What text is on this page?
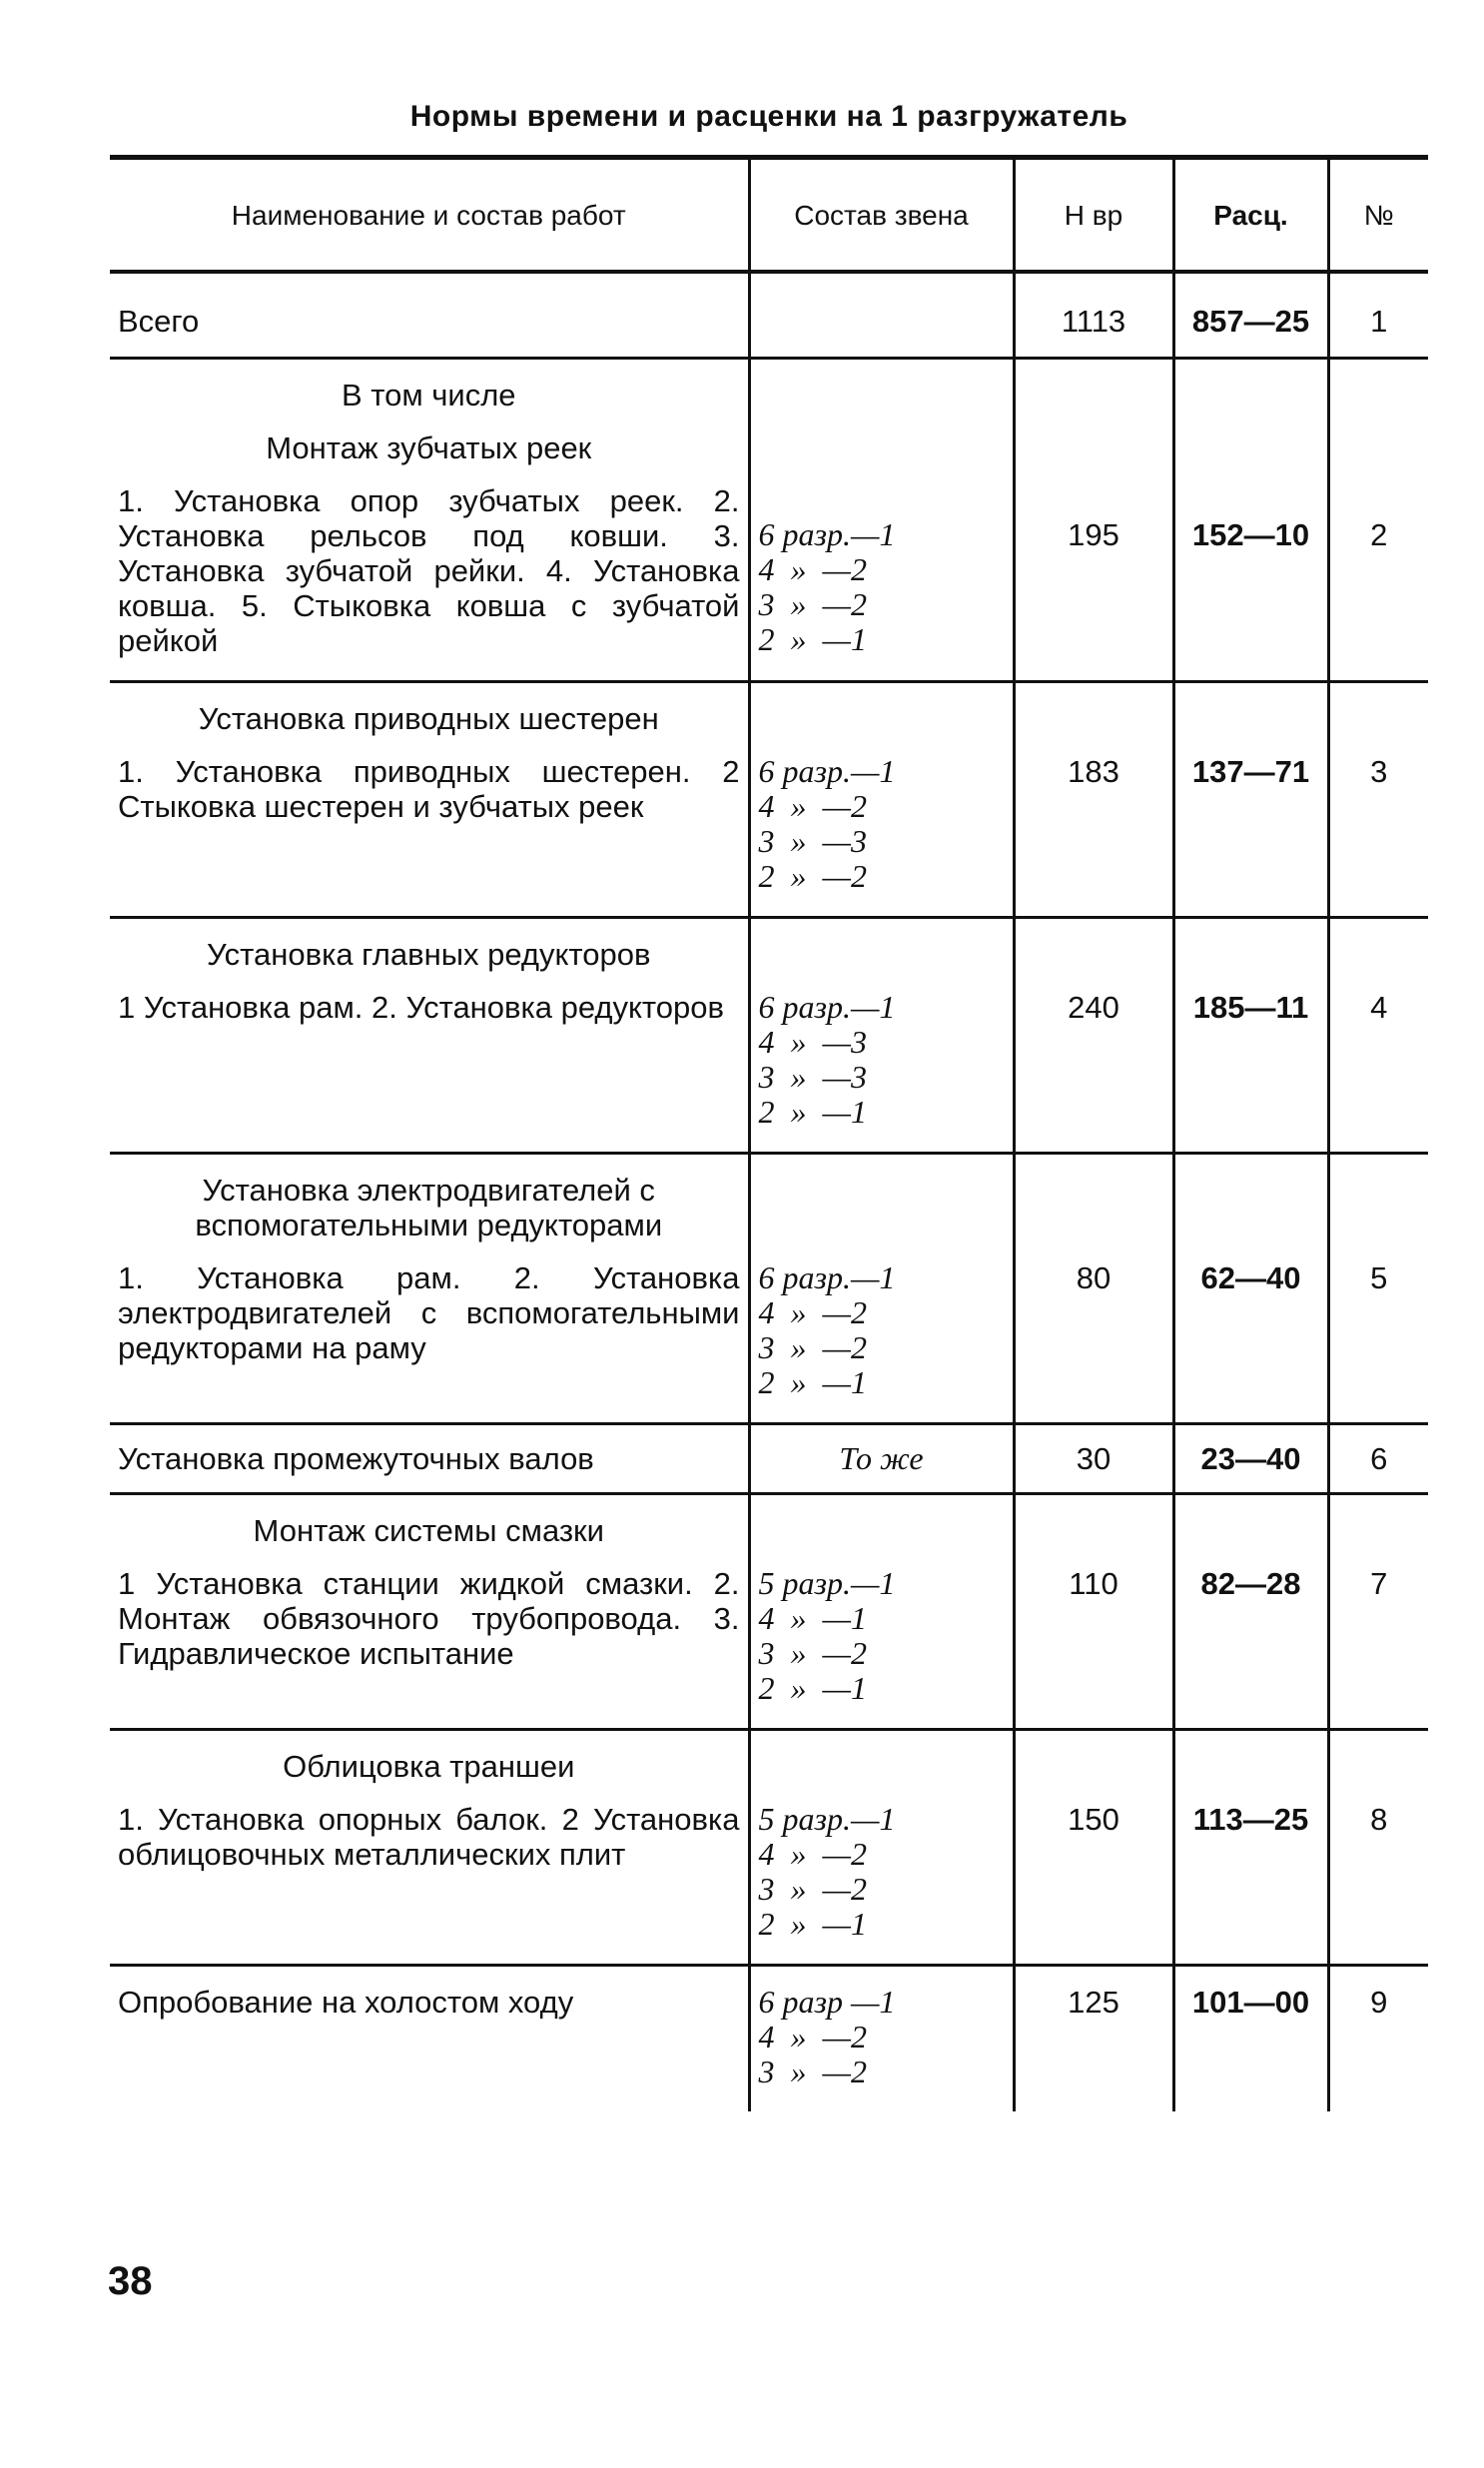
Нормы времени и расценки на 1 разгружатель
Наименование и состав работ	Состав звена	Н вр	Расц.	№
Всего		1113	857—25	1

В том числе
Монтаж зубчатых реек
1. Установка опор зубчатых реек. 2. Установка рельсов под ковши. 3. Установка зубчатой рейки. 4. Установка ковша. 5. Стыковка ковша с зубчатой рейкой	6 разр.—1
4  »  —2
3  »  —2
2  »  —1	195	152—10	2

Установка приводных шестерен
1. Установка приводных шестерен. 2 Стыковка шестерен и зубчатых реек	6 разр.—1
4  »  —2
3  »  —3
2  »  —2	183	137—71	3

Установка главных редукторов
1 Установка рам. 2. Установка редукторов	6 разр.—1
4  »  —3
3  »  —3
2  »  —1	240	185—11	4

Установка электродвигателей с вспомогательными редукторами
1. Установка рам. 2. Установка электродвигателей с вспомогательными редукторами на раму	6 разр.—1
4  »  —2
3  »  —2
2  »  —1	80	62—40	5
Установка промежуточных валов	То же	30	23—40	6

Монтаж системы смазки
1 Установка станции жидкой смазки. 2. Монтаж обвязочного трубопровода. 3. Гидравлическое испытание	5 разр.—1
4  »  —1
3  »  —2
2  »  —1	110	82—28	7

Облицовка траншеи
1. Установка опорных балок. 2 Установка облицовочных металлических плит	5 разр.—1
4  »  —2
3  »  —2
2  »  —1	150	113—25	8
Опробование на холостом ходу	6 разр —1
4  »  —2
3  »  —2	125	101—00	9
38
